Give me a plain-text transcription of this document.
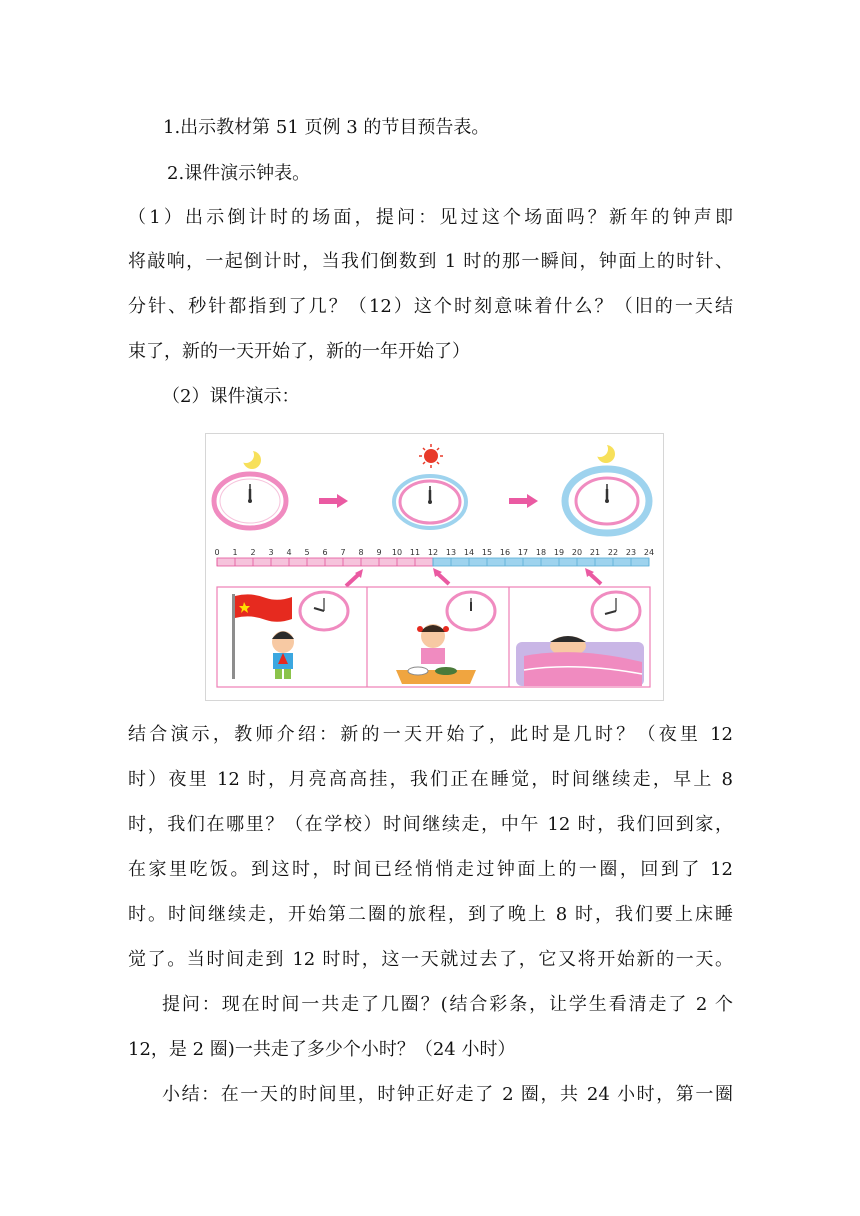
1.出示教材第 51 页例 3 的节目预告表。
2.课件演示钟表。
（1）出示倒计时的场面，提问：见过这个场面吗？新年的钟声即
将敲响，一起倒计时，当我们倒数到 1 时的那一瞬间，钟面上的时针、
分针、秒针都指到了几？（12）这个时刻意味着什么？（旧的一天结
束了，新的一天开始了，新的一年开始了）
（2）课件演示：
0 1 2 3 4 5 6 7 8 9 10 11 12 13 14 15 16 17 18 19 20 21 22 23 24
结合演示，教师介绍：新的一天开始了，此时是几时？（夜里 12
时）夜里 12 时，月亮高高挂，我们正在睡觉，时间继续走，早上 8
时，我们在哪里？（在学校）时间继续走，中午 12 时，我们回到家，
在家里吃饭。到这时，时间已经悄悄走过钟面上的一圈，回到了 12
时。时间继续走，开始第二圈的旅程，到了晚上 8 时，我们要上床睡
觉了。当时间走到 12 时时，这一天就过去了，它又将开始新的一天。
提问：现在时间一共走了几圈？(结合彩条，让学生看清走了 2 个
12，是 2 圈)一共走了多少个小时？（24 小时）
小结：在一天的时间里，时钟正好走了 2 圈，共 24 小时，第一圈
